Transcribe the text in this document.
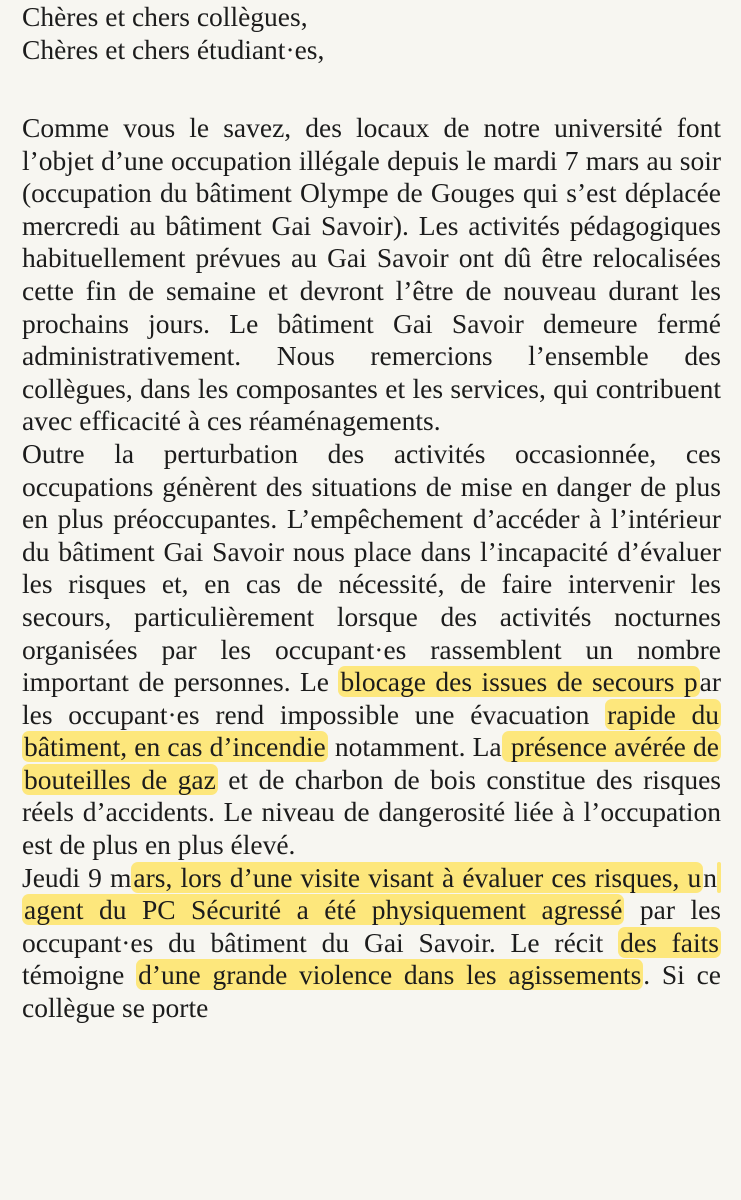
Chères et chers collègues,
Chères et chers étudiant·es,

Comme vous le savez, des locaux de notre université font l’objet d’une occupation illégale depuis le mardi 7 mars au soir (occupation du bâtiment Olympe de Gouges qui s’est déplacée mercredi au bâtiment Gai Savoir). Les activités pédagogiques habituellement prévues au Gai Savoir ont dû être relocalisées cette fin de semaine et devront l’être de nouveau durant les prochains jours. Le bâtiment Gai Savoir demeure fermé administrativement. Nous remercions l’ensemble des collègues, dans les composantes et les services, qui contribuent avec efficacité à ces réaménagements.

Outre la perturbation des activités occasionnée, ces occupations génèrent des situations de mise en danger de plus en plus préoccupantes. L’empêchement d’accéder à l’intérieur du bâtiment Gai Savoir nous place dans l’incapacité d’évaluer les risques et, en cas de nécessité, de faire intervenir les secours, particulièrement lorsque des activités nocturnes organisées par les occupant·es rassemblent un nombre important de personnes. Le blocage des issues de secours par les occupant·es rend impossible une évacuation rapide du bâtiment, en cas d’incendie notamment. La présence avérée de bouteilles de gaz et de charbon de bois constitue des risques réels d’accidents. Le niveau de dangerosité liée à l’occupation est de plus en plus élevé.

Jeudi 9 mars, lors d’une visite visant à évaluer ces risques, un agent du PC Sécurité a été physiquement agressé par les occupant·es du bâtiment du Gai Savoir. Le récit des faits témoigne d’une grande violence dans les agissements. Si ce collègue se porte
